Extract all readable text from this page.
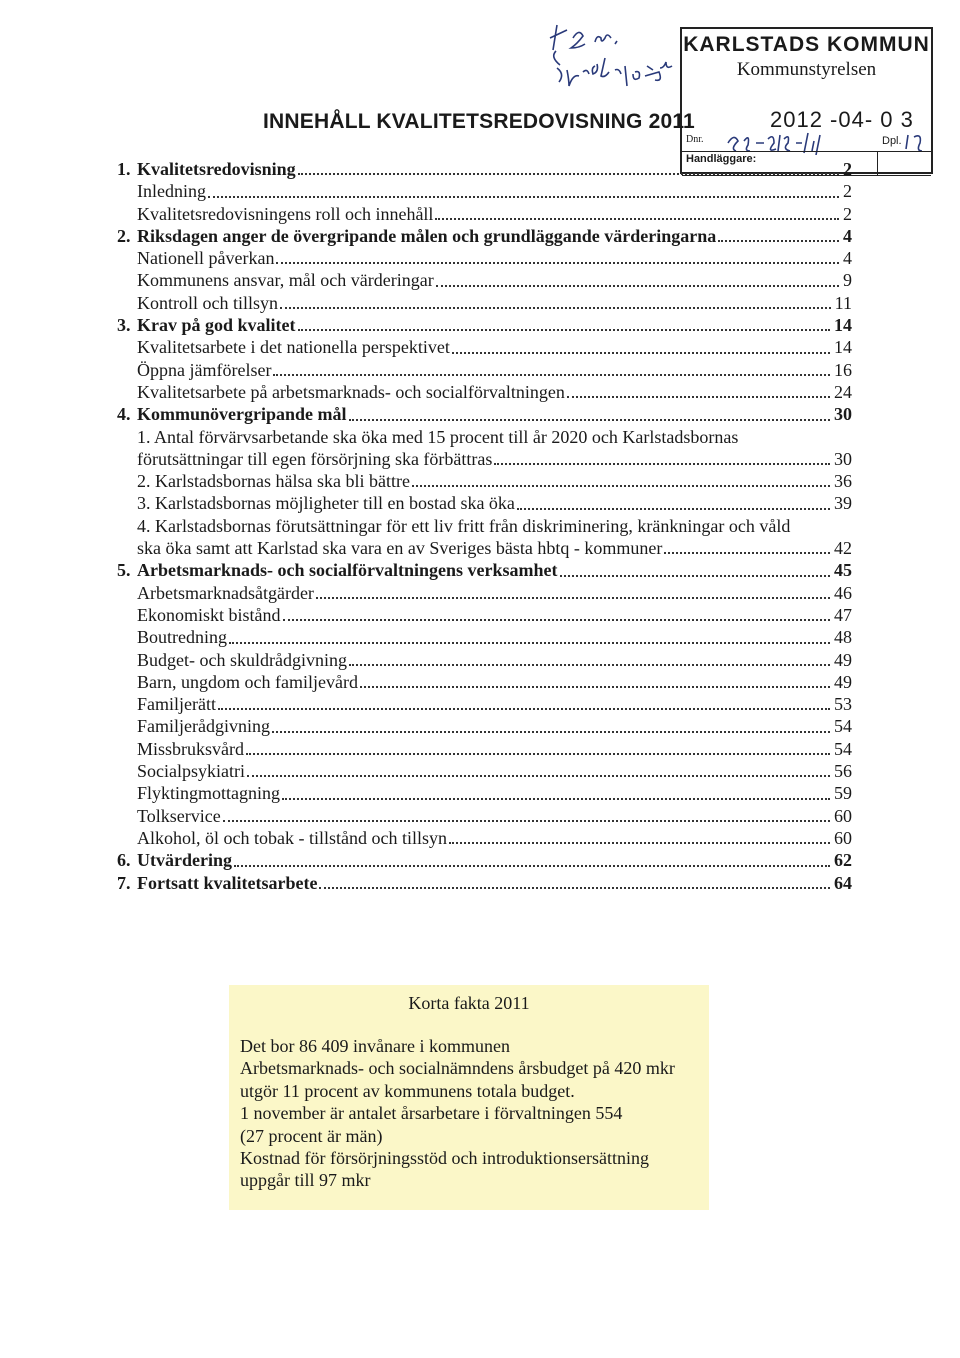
KARLSTADS KOMMUN
Kommunstyrelsen
2012 -04- 0 3
Dnr.	Dpl.
Handläggare:
INNEHÅLL KVALITETSREDOVISNING 2011
1. Kvalitetsredovisning	2
Inledning	2
Kvalitetsredovisningens roll och innehåll	2
2. Riksdagen anger de övergripande målen och grundläggande värderingarna	4
Nationell påverkan	4
Kommunens ansvar, mål och värderingar	9
Kontroll och tillsyn	11
3. Krav på god kvalitet	14
Kvalitetsarbete i det nationella perspektivet	14
Öppna jämförelser	16
Kvalitetsarbete på arbetsmarknads- och socialförvaltningen	24
4. Kommunövergripande mål	30
1. Antal förvärvsarbetande ska öka med 15 procent till år 2020 och Karlstadsbornas
förutsättningar till egen försörjning ska förbättras	30
2. Karlstadsbornas hälsa ska bli bättre	36
3. Karlstadsbornas möjligheter till en bostad ska öka	39
4. Karlstadsbornas förutsättningar för ett liv fritt från diskriminering, kränkningar och våld
ska öka samt att Karlstad ska vara en av Sveriges bästa hbtq - kommuner	42
5. Arbetsmarknads- och socialförvaltningens verksamhet	45
Arbetsmarknadsåtgärder	46
Ekonomiskt bistånd	47
Boutredning	48
Budget- och skuldrådgivning	49
Barn, ungdom och familjevård	49
Familjerätt	53
Familjerådgivning	54
Missbruksvård	54
Socialpsykiatri	56
Flyktingmottagning	59
Tolkservice	60
Alkohol, öl och tobak - tillstånd och tillsyn	60
6. Utvärdering	62
7. Fortsatt kvalitetsarbete	64
Korta fakta 2011
Det bor 86 409 invånare i kommunen
Arbetsmarknads- och socialnämndens årsbudget på 420 mkr
utgör 11 procent av kommunens totala budget.
1 november är antalet årsarbetare i förvaltningen 554
(27 procent är män)
Kostnad för försörjningsstöd och introduktionsersättning
uppgår till 97 mkr
